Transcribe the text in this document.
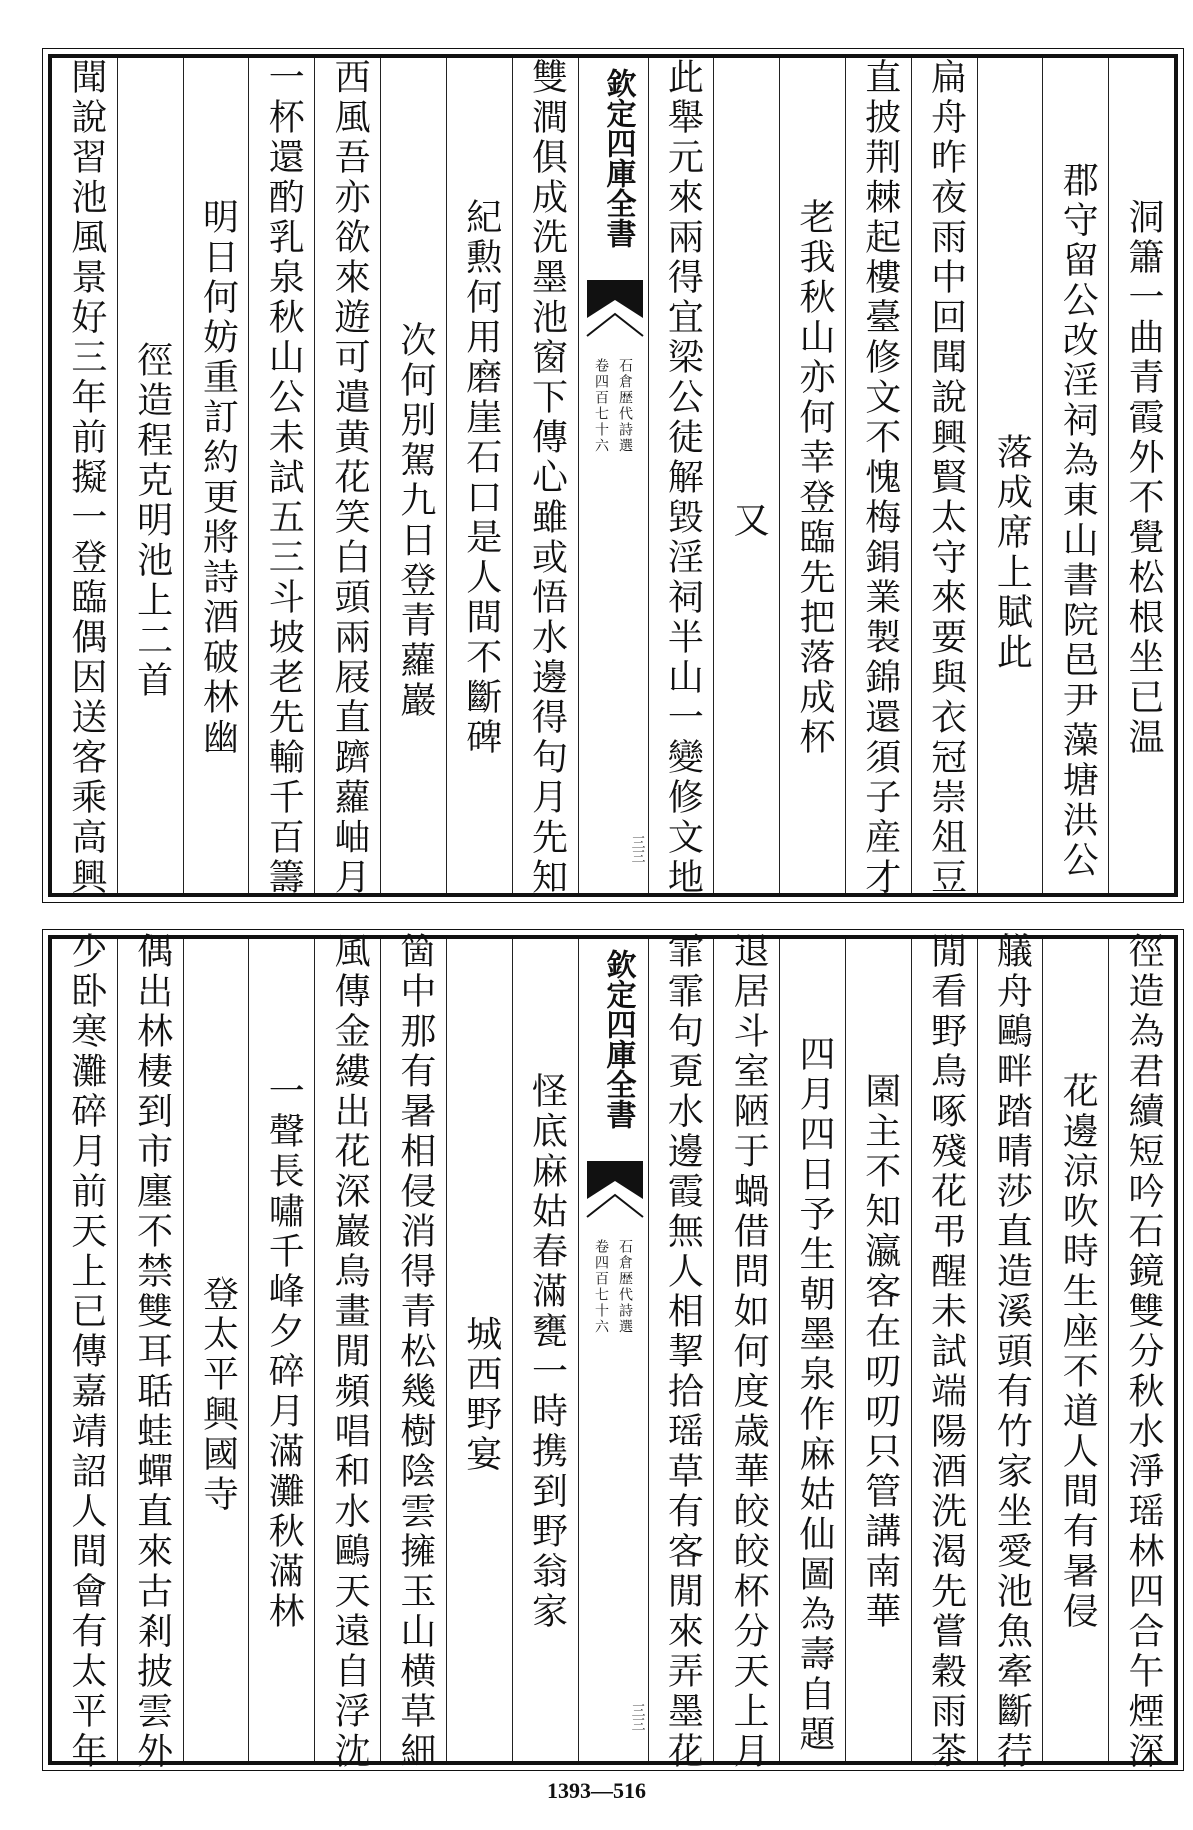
洞簫一曲青霞外不覺松根坐已温
郡守留公改淫祠為東山書院邑尹藻塘洪公
落成席上賦此
扁舟昨夜雨中回聞說興賢太守來要與衣冠崇俎豆
直披荆棘起樓臺修文不愧梅鋗業製錦還須子産才
老我秋山亦何幸登臨先把落成杯
又
此舉元來兩得宜梁公徒解毀淫祠半山一變修文地
欽定四庫全書
石倉歴代詩選
卷四百七十六
三三
雙澗俱成洗墨池窗下傳心雖或悟水邊得句月先知
紀勲何用磨崖石口是人間不斷碑
次何別駕九日登青蘿巖
西風吾亦欲來遊可遣黄花笑白頭兩屐直躋蘿岫月
一杯還酌乳泉秋山公未試五三斗坡老先輸千百籌
明日何妨重訂約更將詩酒破林幽
徑造程克明池上二首
聞說習池風景好三年前擬一登臨偶因送客乘高興
徑造為君續短吟石鏡雙分秋水淨瑶林四合午煙深
花邊涼吹時生座不道人間有暑侵
艤舟鷗畔踏晴莎直造溪頭有竹家坐愛池魚牽斷荇
閒看野鳥啄殘花弔醒未試端陽酒洗渴先嘗穀雨茶
園主不知瀛客在叨叨只管講南華
四月四日予生朝墨泉作麻姑仙圖為壽自題
退居斗室陋于蝸借問如何度歳華皎皎杯分天上月
霏霏句覔水邊霞無人相挈拾瑶草有客閒來弄墨花
欽定四庫全書
石倉歴代詩選
卷四百七十六
三三
怪底麻姑春滿甕一時携到野翁家
城西野宴
箇中那有暑相侵消得青松幾樹陰雲擁玉山横草細
風傳金縷出花深巖鳥畫閒頻唱和水鷗天遠自浮沈
一聲長嘯千峰夕碎月滿灘秋滿林
登太平興國寺
偶出林棲到市廛不禁雙耳聒蛙蟬直來古剎披雲外
少卧寒灘碎月前天上已傳嘉靖詔人間會有太平年
1393—516
